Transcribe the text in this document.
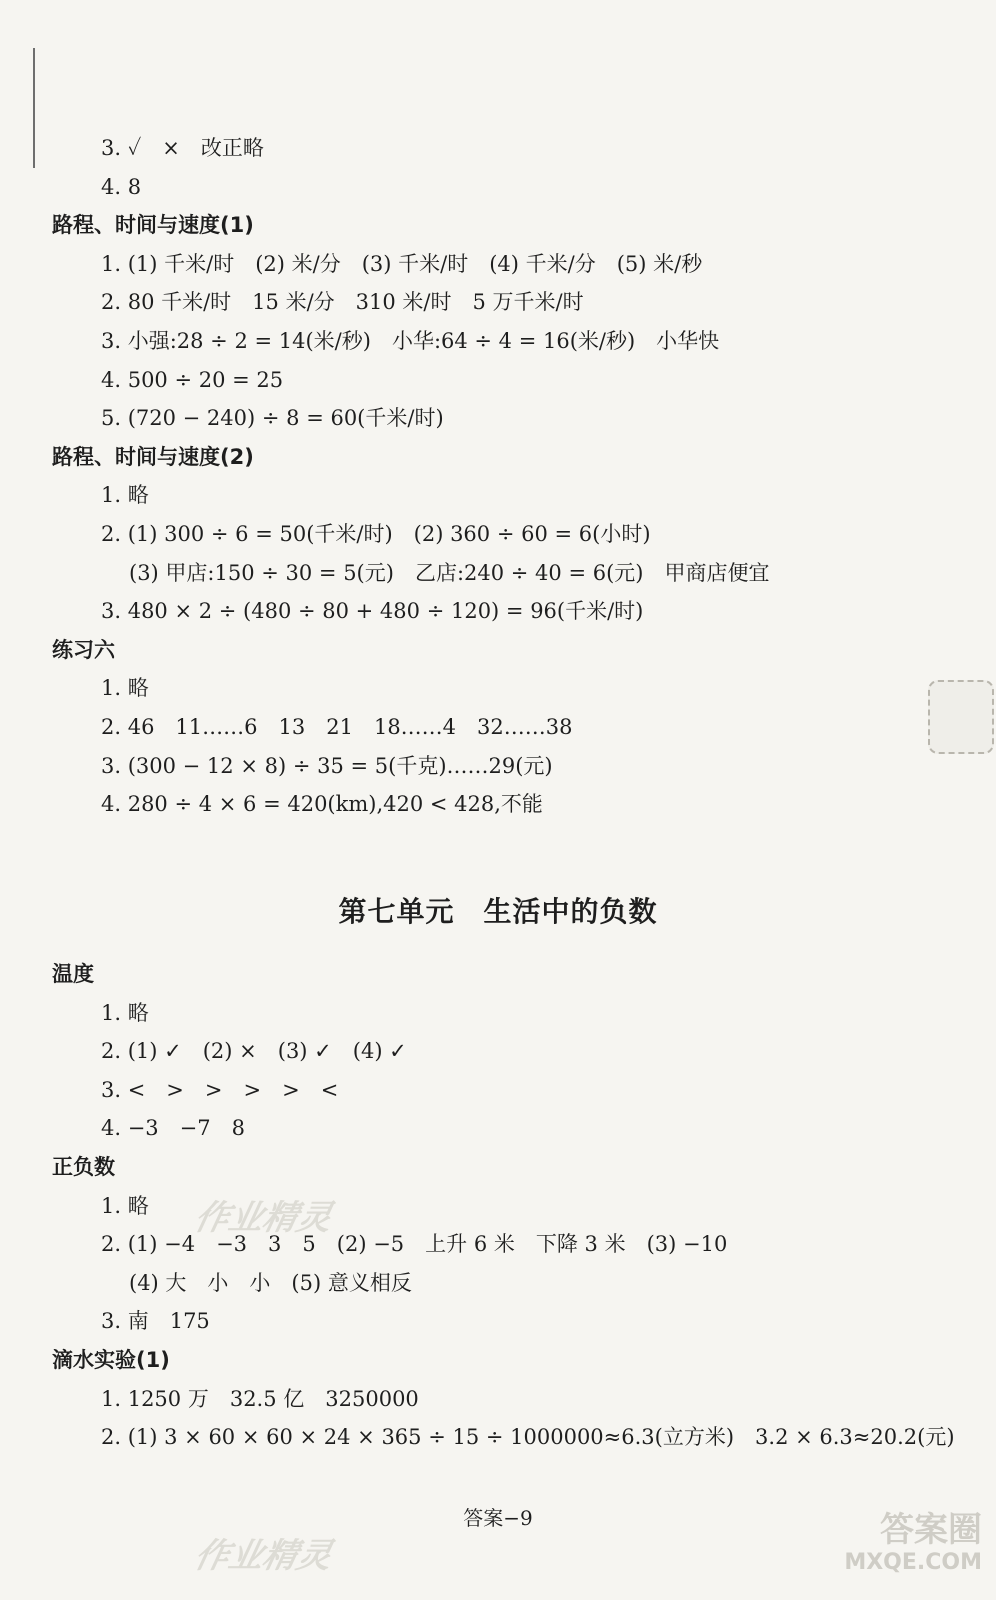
3. ✓　×　改正略
4. 8
路程、时间与速度(1)
1. (1) 千米/时　(2) 米/分　(3) 千米/时　(4) 千米/分　(5) 米/秒
2. 80 千米/时　15 米/分　310 米/时　5 万千米/时
3. 小强:28 ÷ 2 = 14(米/秒)　小华:64 ÷ 4 = 16(米/秒)　小华快
4. 500 ÷ 20 = 25
5. (720 − 240) ÷ 8 = 60(千米/时)
路程、时间与速度(2)
1. 略
2. (1) 300 ÷ 6 = 50(千米/时)　(2) 360 ÷ 60 = 6(小时)
(3) 甲店:150 ÷ 30 = 5(元)　乙店:240 ÷ 40 = 6(元)　甲商店便宜
3. 480 × 2 ÷ (480 ÷ 80 + 480 ÷ 120) = 96(千米/时)
练习六
1. 略
2. 46　11……6　13　21　18……4　32……38
3. (300 − 12 × 8) ÷ 35 = 5(千克)……29(元)
4. 280 ÷ 4 × 6 = 420(km),420 < 428,不能
第七单元　生活中的负数
温度
1. 略
2. (1) ✓　(2) ×　(3) ✓　(4) ✓
3. <　>　>　>　>　<
4. −3　−7　8
正负数
1. 略
2. (1) −4　−3　3　5　(2) −5　上升 6 米　下降 3 米　(3) −10
(4) 大　小　小　(5) 意义相反
3. 南　175
滴水实验(1)
1. 1250 万　32.5 亿　3250000
2. (1) 3 × 60 × 60 × 24 × 365 ÷ 15 ÷ 1000000≈6.3(立方米)　3.2 × 6.3≈20.2(元)
答案−9
作业精灵
作业精灵
答案圈
MXQE.COM
